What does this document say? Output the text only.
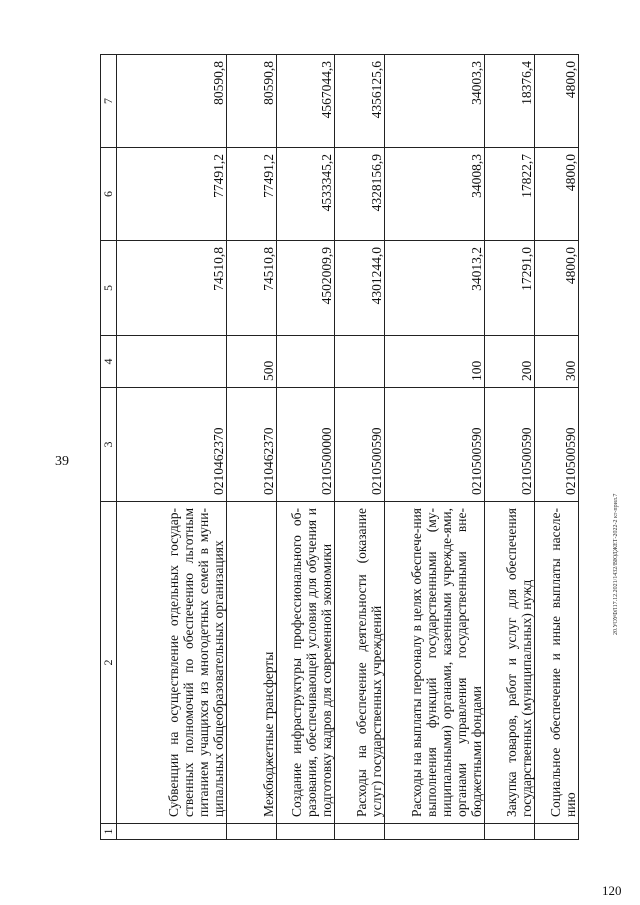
39
120
20.УОУФЛ17.12.2021/1432/ВЮДЖЕТ-2022-2 кт-прил.7
1	2	3	4	5	6	7
	Субвенции на осуществление отдельных государ-ственных полномочий по обеспечению льготным питанием учащихся из многодетных семей в муни-ципальных общеобразовательных организациях	0210462370		74510,8	77491,2	80590,8
	Межбюджетные трансферты	0210462370	500	74510,8	77491,2	80590,8
	Создание инфраструктуры профессионального об-разования, обеспечивающей условия для обучения и подготовку кадров для современной экономики	0210500000		4502009,9	4533345,2	4567044,3
	Расходы на обеспечение деятельности (оказание услуг) государственных учреждений	0210500590		4301244,0	4328156,9	4356125,6
	Расходы на выплаты персоналу в целях обеспече-ния выполнения функций государственными (му-ниципальными) органами, казенными учрежде-ями, органами управления государственными вне-бюджетными фондами	0210500590	100	34013,2	34008,3	34003,3
	Закупка товаров, работ и услуг для обеспечения государственных (муниципальных) нужд	0210500590	200	17291,0	17822,7	18376,4
	Социальное обеспечение и иные выплаты населе-нию	0210500590	300	4800,0	4800,0	4800,0
